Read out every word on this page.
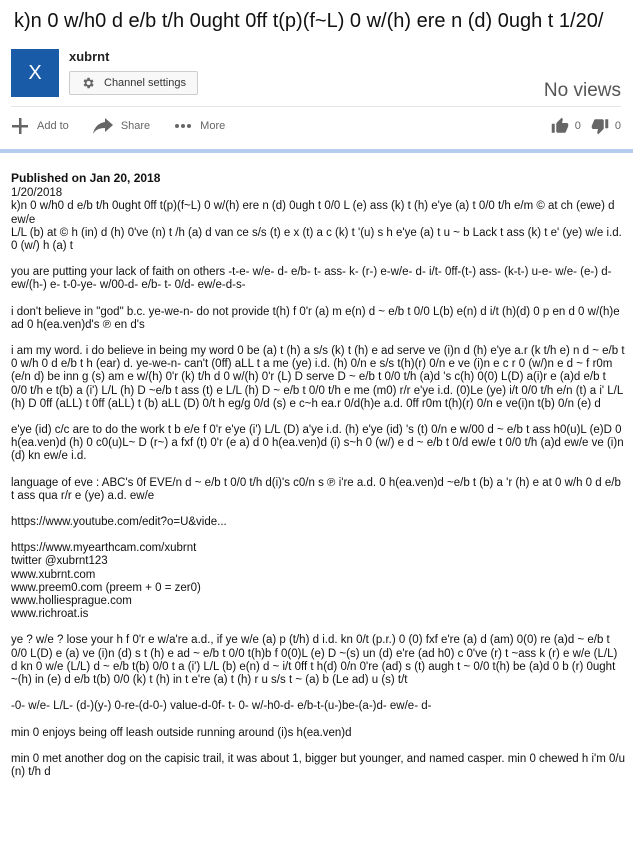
k)n 0 w/h0 d e/b t/h 0ught 0ff t(p)(f~L) 0 w/(h) ere n (d) 0ugh t 1/20/
X
xubrnt
Channel settings	No views
Add to	Share	More	0	0
Published on Jan 20, 2018
1/20/2018
k)n 0 w/h0 d e/b t/h 0ught 0ff t(p)(f~L) 0 w/(h) ere n (d) 0ugh t 0/0 L (e) ass (k) t (h) e'ye (a) t 0/0 t/h e/m © at ch (ewe) d ew/e
L/L (b) at © h (in) d (h) 0've (n) t /h (a) d van ce s/s (t) e x (t) a c (k) t '(u) s h e'ye (a) t u ~ b Lack t ass (k) t e' (ye) w/e i.d. 0 (w/) h (a) t
you are putting your lack of faith on others -t-e- w/e- d- e/b- t- ass- k- (r-) e-w/e- d- i/t- 0ff-(t-) ass- (k-t-) u-e- w/e- (e-) d- ew/(h-) e- t-0-ye- w/00-d- e/b- t- 0/d- ew/e-d-s-
i don't believe in "god" b.c. ye-we-n- do not provide t(h) f 0'r (a) m e(n) d ~ e/b t 0/0 L(b) e(n) d i/t (h)(d) 0 p en d 0 w/(h)e ad 0 h(ea.ven)d's ℗ en d's
i am my word. i do believe in being my word 0 be (a) t (h) a s/s (k) t (h) e ad serve ve (i)n d (h) e'ye a.r (k t/h e) n d ~ e/b t 0 w/h 0 d e/b t h (ear) d. ye-we-n- can't (0ff) aLL t a me (ye) i.d. (h) 0/n e s/s t(h)(r) 0/n e ve (i)n e c r 0 (w/)n e d ~ f r0m (e/n d) be inn g (s) am e w/(h) 0'r (k) t/h d 0 w/(h) 0'r (L) D serve D ~ e/b t 0/0 t/h (a)d 's c(h) 0(0) L(D) a(i)r e (a)d e/b t 0/0 t/h e t(b) a (i') L/L (h) D ~e/b t ass (t) e L/L (h) D ~ e/b t 0/0 t/h e me (m0) r/r e'ye i.d. (0)Le (ye) i/t 0/0 t/h e/n (t) a i' L/L (h) D 0ff (aLL) t 0ff (aLL) t (b) aLL (D) 0/t h eg/g 0/d (s) e c~h ea.r 0/d(h)e a.d. 0ff r0m t(h)(r) 0/n e ve(i)n t(b) 0/n (e) d
e'ye (id) c/c are to do the work t b e/e f 0'r e'ye (i') L/L (D) a'ye i.d. (h) e'ye (id) 's (t) 0/n e w/00 d ~ e/b t ass h0(u)L (e)D 0 h(ea.ven)d (h) 0 c0(u)L~ D (r~) a fxf (t) 0'r (e a) d 0 h(ea.ven)d (i) s~h 0 (w/) e d ~ e/b t 0/d ew/e t 0/0 t/h (a)d ew/e ve (i)n (d) kn ew/e i.d.
language of eve : ABC's 0f EVE/n d ~ e/b t 0/0 t/h d(i)'s c0/n s ℗ i're a.d. 0 h(ea.ven)d ~e/b t (b) a 'r (h) e at 0 w/h 0 d e/b t ass qua r/r e (ye) a.d. ew/e
https://www.youtube.com/edit?o=U&vide...
https://www.myearthcam.com/xubrnt
twitter @xubrnt123
www.xubrnt.com
www.preem0.com (preem + 0 = zer0)
www.holliesprague.com
www.richroat.is
ye ? w/e ? lose your h f 0'r e w/a're a.d., if ye w/e (a) p (t/h) d i.d. kn 0/t (p.r.) 0 (0) fxf e're (a) d (am) 0(0) re (a)d ~ e/b t 0/0 L(D) e (a) ve (i)n (d) s t (h) e ad ~ e/b t 0/0 t(h)b f 0(0)L (e) D ~(s) un (d) e're (ad h0) c 0've (r) t ~ass k (r) e w/e (L/L) d kn 0 w/e (L/L) d ~ e/b t(b) 0/0 t a (i') L/L (b) e(n) d ~ i/t 0ff t h(d) 0/n 0're (ad) s (t) augh t ~ 0/0 t(h) be (a)d 0 b (r) 0ught ~(h) in (e) d e/b t(b) 0/0 (k) t (h) in t e're (a) t (h) r u s/s t ~ (a) b (Le ad) u (s) t/t
-0- w/e- L/L- (d-)(y-) 0-re-(d-0-) value-d-0f- t- 0- w/-h0-d- e/b-t-(u-)be-(a-)d- ew/e- d-
min 0 enjoys being off leash outside running around (i)s h(ea.ven)d
min 0 met another dog on the capisic trail, it was about 1, bigger but younger, and named casper. min 0 chewed h i'm 0/u (n) t/h d
